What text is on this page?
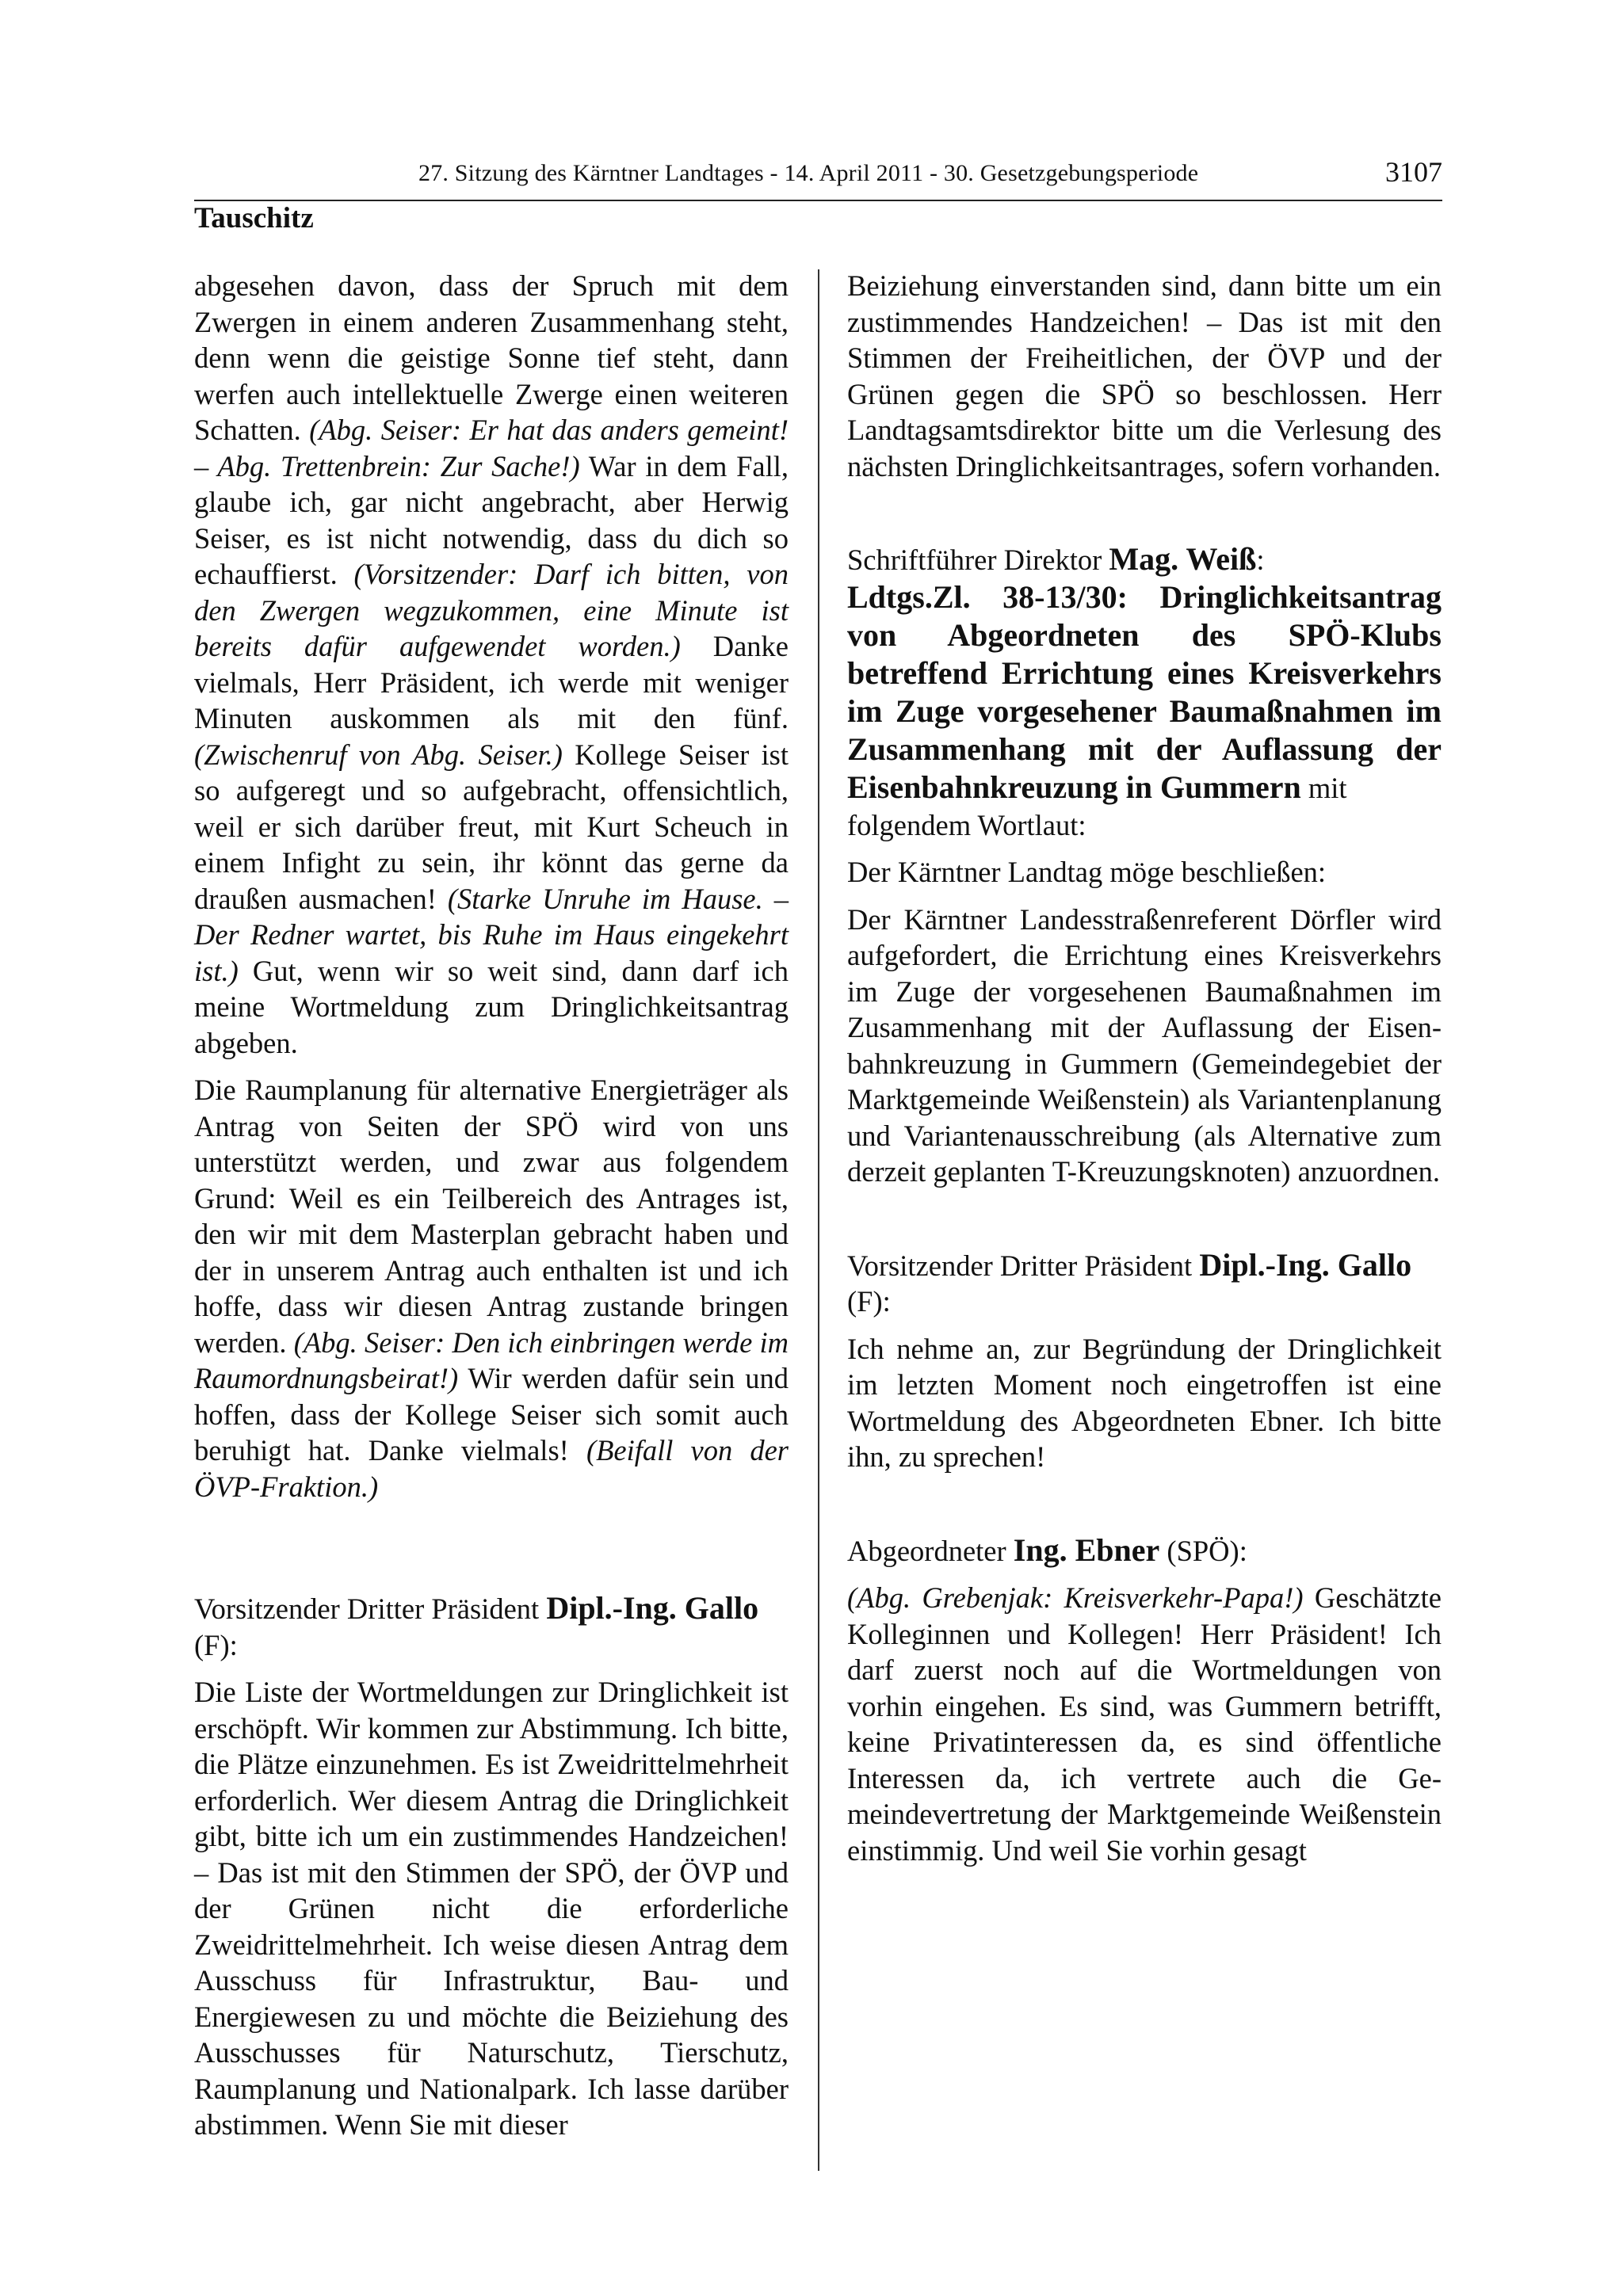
27. Sitzung des Kärntner Landtages - 14. April 2011 - 30. Gesetzgebungsperiode	3107
Tauschitz

abgesehen davon, dass der Spruch mit dem Zwergen in einem anderen Zusammenhang steht, denn wenn die geistige Sonne tief steht, dann werfen auch intellektuelle Zwerge einen weiteren Schatten. (Abg. Seiser: Er hat das anders gemeint! – Abg. Trettenbrein: Zur Sache!) War in dem Fall, glaube ich, gar nicht angebracht, aber Herwig Seiser, es ist nicht notwendig, dass du dich so echauffierst. (Vorsitzender: Darf ich bitten, von den Zwergen wegzukommen, eine Minute ist bereits dafür aufgewendet worden.) Danke vielmals, Herr Präsident, ich werde mit weniger Minuten auskommen als mit den fünf. (Zwischenruf von Abg. Seiser.) Kollege Seiser ist so aufgeregt und so aufgebracht, offensichtlich, weil er sich darüber freut, mit Kurt Scheuch in einem Infight zu sein, ihr könnt das gerne da draußen ausmachen! (Starke Unruhe im Hause. – Der Redner wartet, bis Ruhe im Haus eingekehrt ist.) Gut, wenn wir so weit sind, dann darf ich meine Wortmeldung zum Dringlichkeitsantrag abgeben.

Die Raumplanung für alternative Energieträger als Antrag von Seiten der SPÖ wird von uns unterstützt werden, und zwar aus folgendem Grund: Weil es ein Teilbereich des Antrages ist, den wir mit dem Masterplan gebracht haben und der in unserem Antrag auch enthalten ist und ich hoffe, dass wir diesen Antrag zustande bringen werden. (Abg. Seiser: Den ich einbringen werde im Raumordnungsbeirat!) Wir werden dafür sein und hoffen, dass der Kollege Seiser sich somit auch beruhigt hat. Danke vielmals! (Beifall von der ÖVP-Fraktion.)

Vorsitzender Dritter Präsident Dipl.-Ing. Gallo
(F):

Die Liste der Wortmeldungen zur Dringlichkeit ist erschöpft. Wir kommen zur Abstimmung. Ich bitte, die Plätze einzunehmen. Es ist Zweidrittelmehrheit erforderlich. Wer diesem Antrag die Dringlichkeit gibt, bitte ich um ein zustimmendes Handzeichen! – Das ist mit den Stimmen der SPÖ, der ÖVP und der Grünen nicht die erforderliche Zweidrittelmehrheit. Ich weise diesen Antrag dem Ausschuss für Infrastruktur, Bau- und Energiewesen zu und möchte die Beiziehung des Ausschusses für Naturschutz, Tierschutz, Raumplanung und Nationalpark. Ich lasse darüber abstimmen. Wenn Sie mit dieser

Beiziehung einverstanden sind, dann bitte um ein zustimmendes Handzeichen! – Das ist mit den Stimmen der Freiheitlichen, der ÖVP und der Grünen gegen die SPÖ so beschlossen. Herr Landtagsamtsdirektor bitte um die Verlesung des nächsten Dringlichkeitsantrages, sofern vorhanden.

Schriftführer Direktor Mag. Weiß:

Ldtgs.Zl. 38-13/30: Dringlichkeitsantrag von Abgeordneten des SPÖ-Klubs betreffend Errichtung eines Kreisverkehrs im Zuge vorgesehener Baumaßnahmen im Zusammenhang mit der Auflassung der Eisenbahnkreuzung in Gummern mit

folgendem Wortlaut:

Der Kärntner Landtag möge beschließen:

Der Kärntner Landesstraßenreferent Dörfler wird aufgefordert, die Errichtung eines Kreisverkehrs im Zuge der vorgesehenen Baumaßnahmen im Zusammenhang mit der Auflassung der Eisenbahnkreuzung in Gummern (Gemeindegebiet der Marktgemeinde Weißenstein) als Variantenplanung und Variantenausschreibung (als Alternative zum derzeit geplanten T-Kreuzungsknoten) anzuordnen.

Vorsitzender Dritter Präsident Dipl.-Ing. Gallo
(F):

Ich nehme an, zur Begründung der Dringlichkeit im letzten Moment noch eingetroffen ist eine Wortmeldung des Abgeordneten Ebner. Ich bitte ihn, zu sprechen!

Abgeordneter Ing. Ebner (SPÖ):

(Abg. Grebenjak: Kreisverkehr-Papa!) Geschätzte Kolleginnen und Kollegen! Herr Präsident! Ich darf zuerst noch auf die Wortmeldungen von vorhin eingehen. Es sind, was Gummern betrifft, keine Privatinteressen da, es sind öffentliche Interessen da, ich vertrete auch die Gemeindevertretung der Marktgemeinde Weißenstein einstimmig. Und weil Sie vorhin gesagt
